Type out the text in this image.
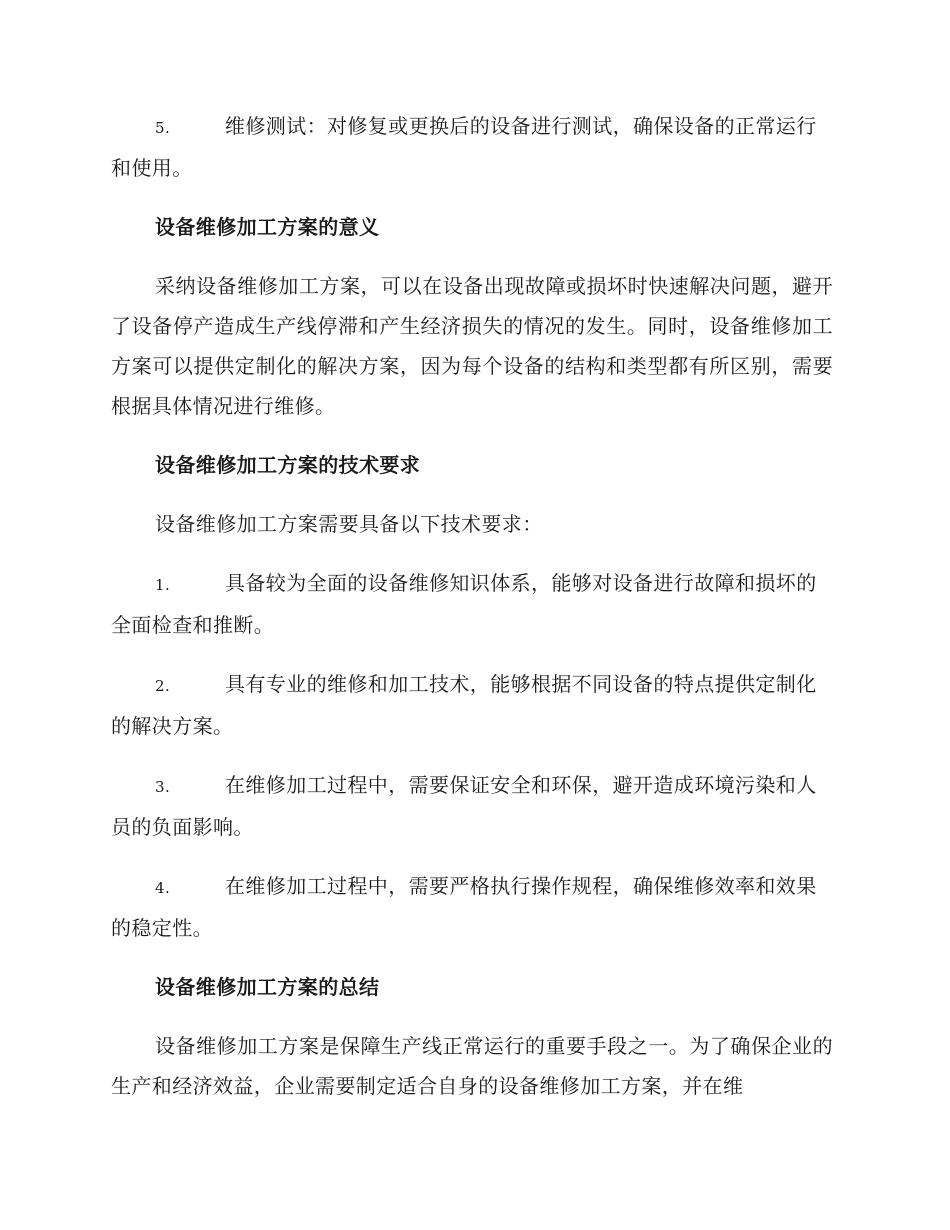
5.	维修测试：对修复或更换后的设备进行测试，确保设备的正常运行和使用。

设备维修加工方案的意义

采纳设备维修加工方案，可以在设备出现故障或损坏时快速解决问题，避开了设备停产造成生产线停滞和产生经济损失的情况的发生。同时，设备维修加工方案可以提供定制化的解决方案，因为每个设备的结构和类型都有所区别，需要根据具体情况进行维修。

设备维修加工方案的技术要求

设备维修加工方案需要具备以下技术要求：

1.	具备较为全面的设备维修知识体系，能够对设备进行故障和损坏的全面检查和推断。

2.	具有专业的维修和加工技术，能够根据不同设备的特点提供定制化的解决方案。

3.	在维修加工过程中，需要保证安全和环保，避开造成环境污染和人员的负面影响。

4.	在维修加工过程中，需要严格执行操作规程，确保维修效率和效果的稳定性。

设备维修加工方案的总结

设备维修加工方案是保障生产线正常运行的重要手段之一。为了确保企业的生产和经济效益，企业需要制定适合自身的设备维修加工方案，并在维
